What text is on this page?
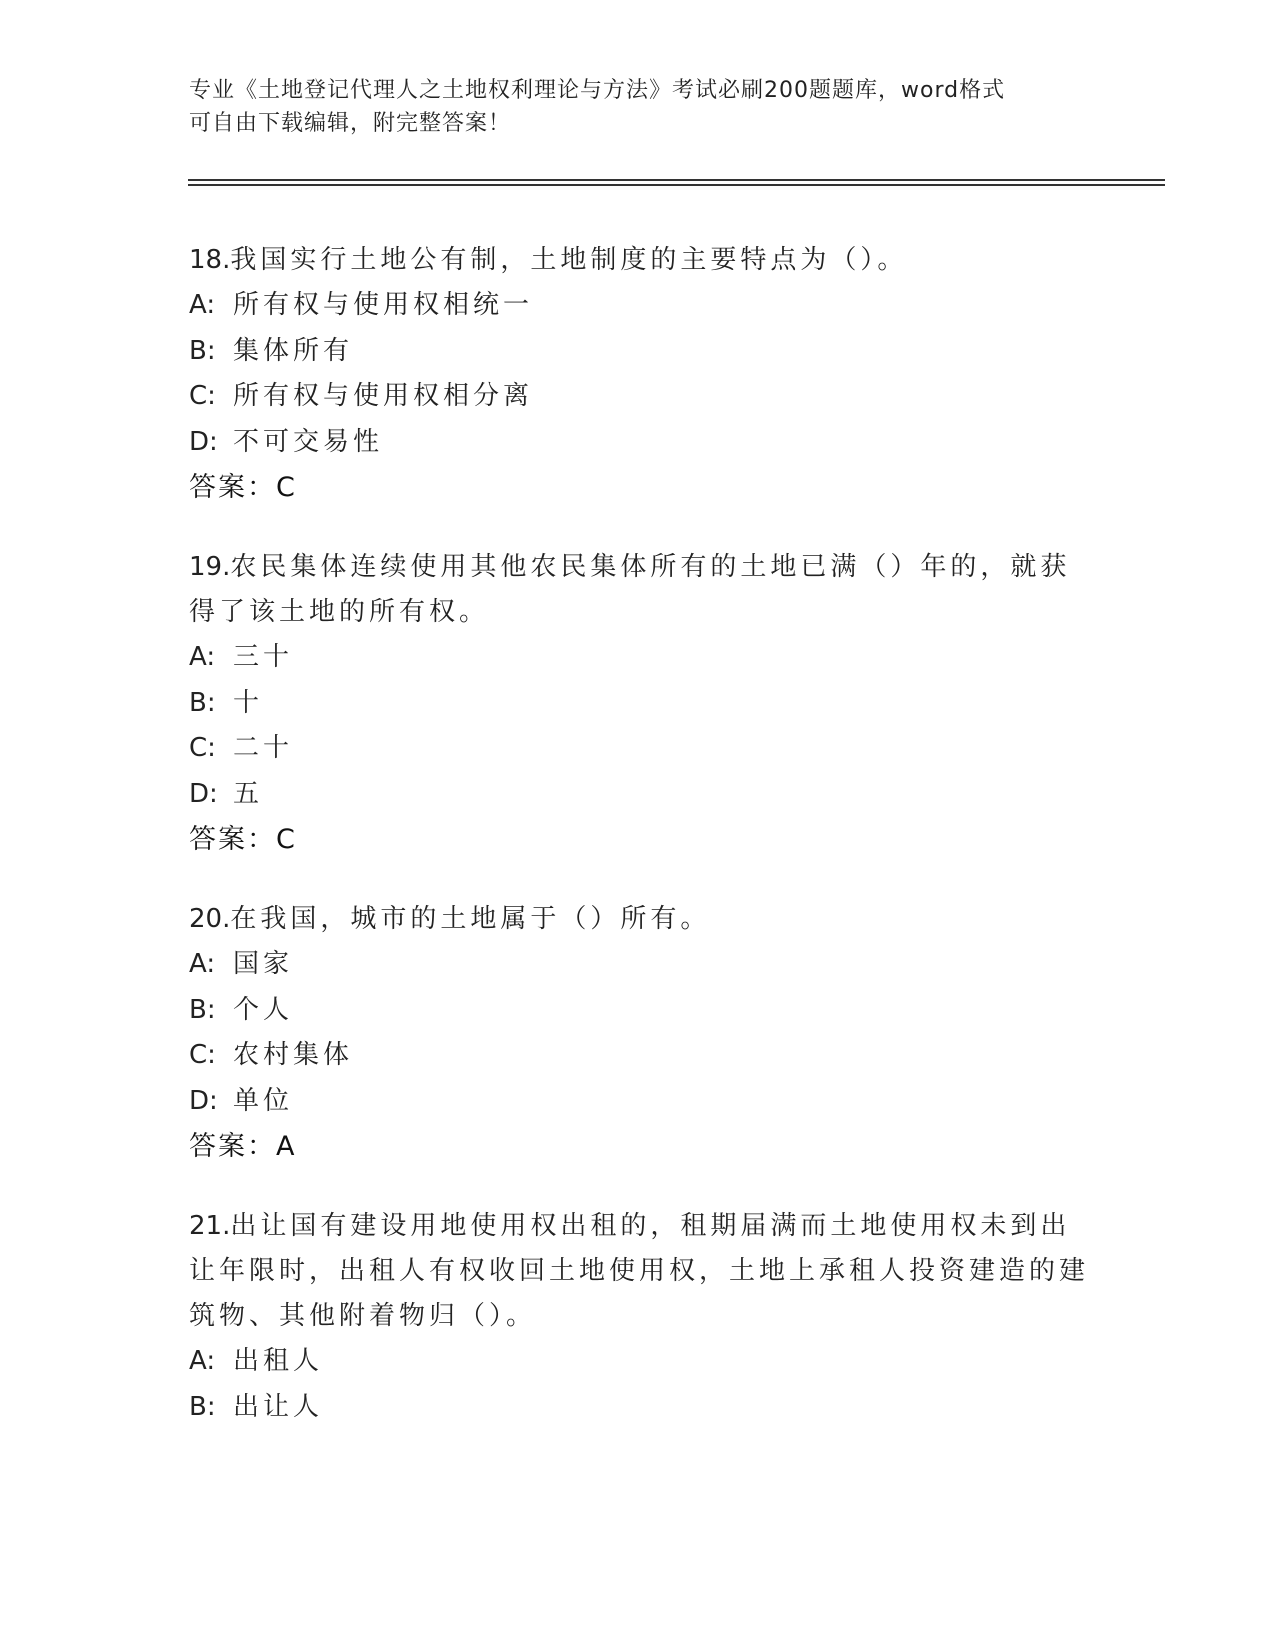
专业《土地登记代理人之土地权利理论与方法》考试必刷200题题库，word格式
可自由下载编辑，附完整答案！
18.我国实行土地公有制，土地制度的主要特点为（）。
A: 所有权与使用权相统一
B: 集体所有
C: 所有权与使用权相分离
D: 不可交易性
答案：C
19.农民集体连续使用其他农民集体所有的土地已满（）年的，就获得了该土地的所有权。
A: 三十
B: 十
C: 二十
D: 五
答案：C
20.在我国，城市的土地属于（）所有。
A: 国家
B: 个人
C: 农村集体
D: 单位
答案：A
21.出让国有建设用地使用权出租的，租期届满而土地使用权未到出让年限时，出租人有权收回土地使用权，土地上承租人投资建造的建筑物、其他附着物归（）。
A: 出租人
B: 出让人
